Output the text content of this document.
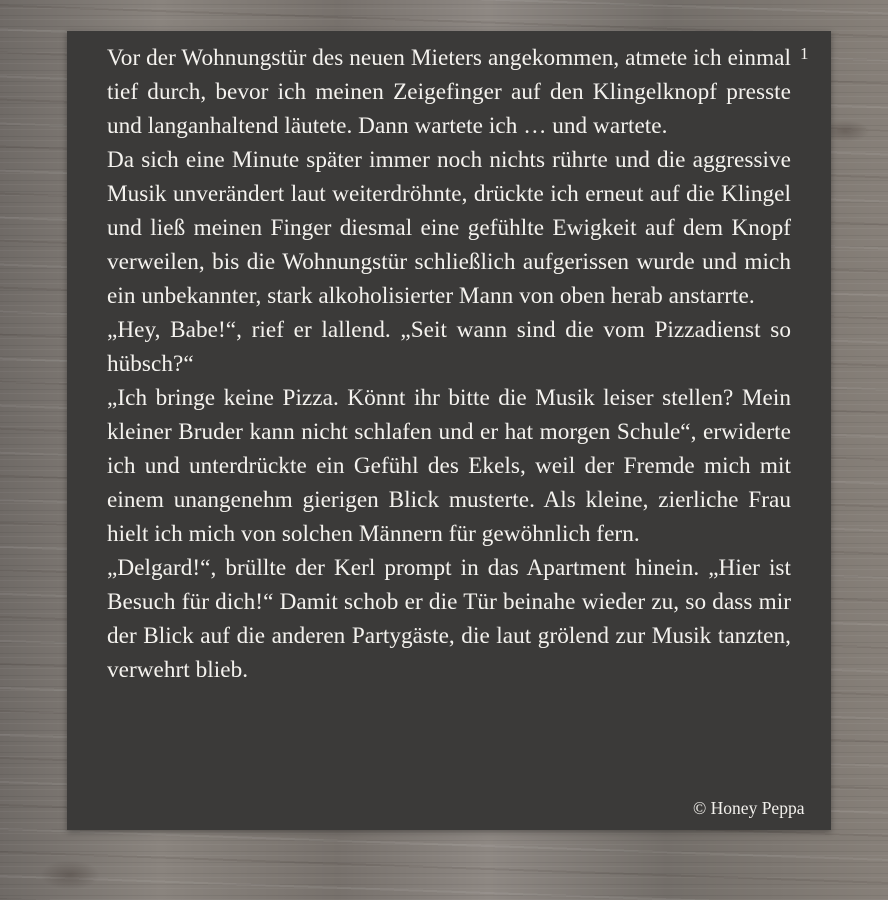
1

Vor der Wohnungstür des neuen Mieters angekommen, atmete ich einmal tief durch, bevor ich meinen Zeigefinger auf den Klingelknopf presste und langanhaltend läutete. Dann wartete ich … und wartete.

Da sich eine Minute später immer noch nichts rührte und die aggressive Musik unverändert laut weiterdröhnte, drückte ich erneut auf die Klingel und ließ meinen Finger diesmal eine gefühlte Ewigkeit auf dem Knopf verweilen, bis die Wohnungstür schließlich aufgerissen wurde und mich ein unbekannter, stark alkoholisierter Mann von oben herab anstarrte.

„Hey, Babe!“, rief er lallend. „Seit wann sind die vom Pizzadienst so hübsch?“

„Ich bringe keine Pizza. Könnt ihr bitte die Musik leiser stellen? Mein kleiner Bruder kann nicht schlafen und er hat morgen Schule“, erwiderte ich und unterdrückte ein Gefühl des Ekels, weil der Fremde mich mit einem unangenehm gierigen Blick musterte. Als kleine, zierliche Frau hielt ich mich von solchen Männern für gewöhnlich fern.

„Delgard!“, brüllte der Kerl prompt in das Apartment hinein. „Hier ist Besuch für dich!“ Damit schob er die Tür beinahe wieder zu, so dass mir der Blick auf die anderen Partygäste, die laut grölend zur Musik tanzten, verwehrt blieb.

© Honey Peppa
